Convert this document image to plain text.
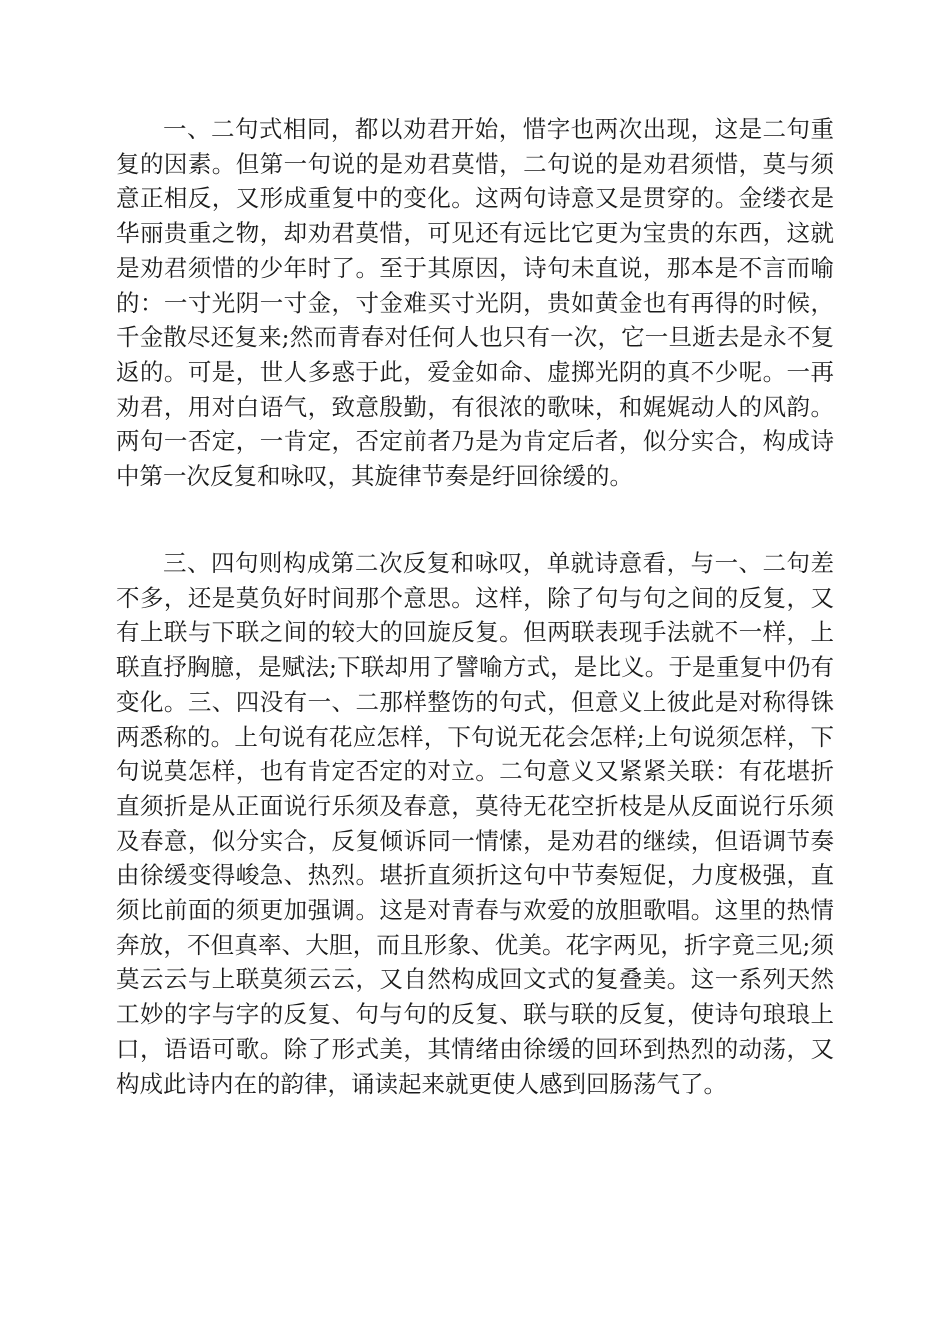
一、二句式相同，都以劝君开始，惜字也两次出现，这是二句重复的因素。但第一句说的是劝君莫惜，二句说的是劝君须惜，莫与须意正相反，又形成重复中的变化。这两句诗意又是贯穿的。金缕衣是华丽贵重之物，却劝君莫惜，可见还有远比它更为宝贵的东西，这就是劝君须惜的少年时了。至于其原因，诗句未直说，那本是不言而喻的：一寸光阴一寸金，寸金难买寸光阴，贵如黄金也有再得的时候，千金散尽还复来;然而青春对任何人也只有一次，它一旦逝去是永不复返的。可是，世人多惑于此，爱金如命、虚掷光阴的真不少呢。一再劝君，用对白语气，致意殷勤，有很浓的歌味，和娓娓动人的风韵。两句一否定，一肯定，否定前者乃是为肯定后者，似分实合，构成诗中第一次反复和咏叹，其旋律节奏是纡回徐缓的。

三、四句则构成第二次反复和咏叹，单就诗意看，与一、二句差不多，还是莫负好时间那个意思。这样，除了句与句之间的反复，又有上联与下联之间的较大的回旋反复。但两联表现手法就不一样，上联直抒胸臆，是赋法;下联却用了譬喻方式，是比义。于是重复中仍有变化。三、四没有一、二那样整饬的句式，但意义上彼此是对称得铢两悉称的。上句说有花应怎样，下句说无花会怎样;上句说须怎样，下句说莫怎样，也有肯定否定的对立。二句意义又紧紧关联：有花堪折直须折是从正面说行乐须及春意，莫待无花空折枝是从反面说行乐须及春意，似分实合，反复倾诉同一情愫，是劝君的继续，但语调节奏由徐缓变得峻急、热烈。堪折直须折这句中节奏短促，力度极强，直须比前面的须更加强调。这是对青春与欢爱的放胆歌唱。这里的热情奔放，不但真率、大胆，而且形象、优美。花字两见，折字竟三见;须莫云云与上联莫须云云，又自然构成回文式的复叠美。这一系列天然工妙的字与字的反复、句与句的反复、联与联的反复，使诗句琅琅上口，语语可歌。除了形式美，其情绪由徐缓的回环到热烈的动荡，又构成此诗内在的韵律，诵读起来就更使人感到回肠荡气了。
